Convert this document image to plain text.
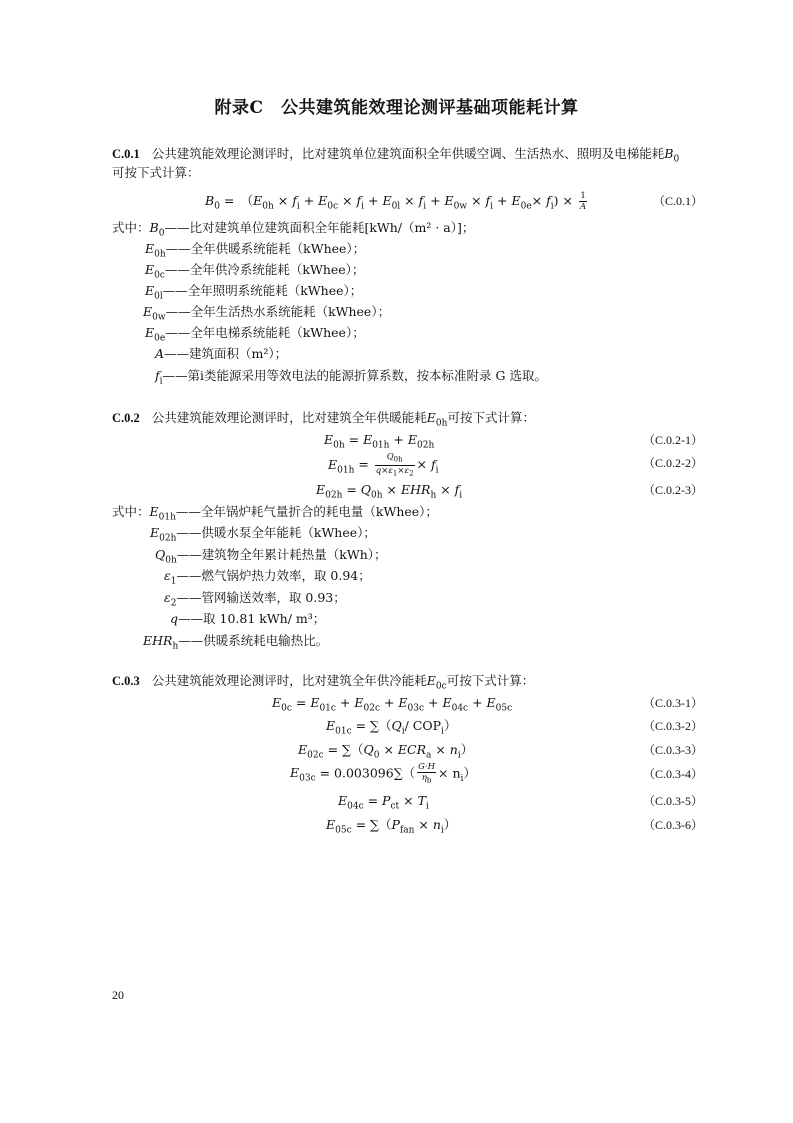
附录C　公共建筑能效理论测评基础项能耗计算
C.0.1 公共建筑能效理论测评时，比对建筑单位建筑面积全年供暖空调、生活热水、照明及电梯能耗$B_0$
可按下式计算：
$B_0$ =　$(E_{0h} \times f_i + E_{0c} \times f_i + E_{0l} \times f_i + E_{0w} \times f_i + E_{0e}\times f_i) \times \frac{1}{A}$	（C.0.1）
式中：$B_0——$比对建筑单位建筑面积全年能耗[kWh/（m² · a）]；
$E_{0h}——$全年供暖系统能耗（kWhee）；
$E_{0c}——$全年供冷系统能耗（kWhee）；
$E_{0l}——$全年照明系统能耗（kWhee）；
$E_{0w}——$全年生活热水系统能耗（kWhee）；
$E_{0e}——$全年电梯系统能耗（kWhee）；
A——建筑面积（m²）；
$f_i——$第i类能源采用等效电法的能源折算系数，按本标准附录 G 选取。
C.0.2 公共建筑能效理论测评时，比对建筑全年供暖能耗$E_{0h}$可按下式计算：
$E_{0h} = E_{01h} + E_{02h}$	（C.0.2-1）
$E_{01h} = \frac{Q_{0h}}{q\times\varepsilon_1\times\varepsilon_2} \times f_i$
（C.0.2-2）
$E_{02h} = Q_{0h} \times EHR_h \times f_i$	（C.0.2-3）
式中：$E_{01h}——$全年锅炉耗气量折合的耗电量（kWhee）；
$E_{02h}——$供暖水泵全年能耗（kWhee）；
$Q_{0h}——$建筑物全年累计耗热量（kWh）；
$\varepsilon_1——$燃气锅炉热力效率，取 0.94；
$\varepsilon_2——$管网输送效率，取 0.93；
q——取 10.81 kWh/ m³；
$EHR_h——$供暖系统耗电输热比。
C.0.3 公共建筑能效理论测评时，比对建筑全年供冷能耗$E_{0c}$可按下式计算：
$E_{0c} = E_{01c} + E_{02c} + E_{03c} + E_{04c} + E_{05c}$	（C.0.3-1）
$E_{01c} = \sum(Q_i/$ $COP_i$）	（C.0.3-2）
$E_{02c} = \sum(Q_0 \times ECR_a \times n_i)$	（C.0.3-3）
$E_{03c} = 0.003096\sum( \frac{G\cdot H}{\eta_b} \times n_i)$	（C.0.3-4）
$E_{04c} = P_{ct} \times T_i$	（C.0.3-5）
$E_{05c} = \sum(P_{fan} \times n_i)$	（C.0.3-6）
20
